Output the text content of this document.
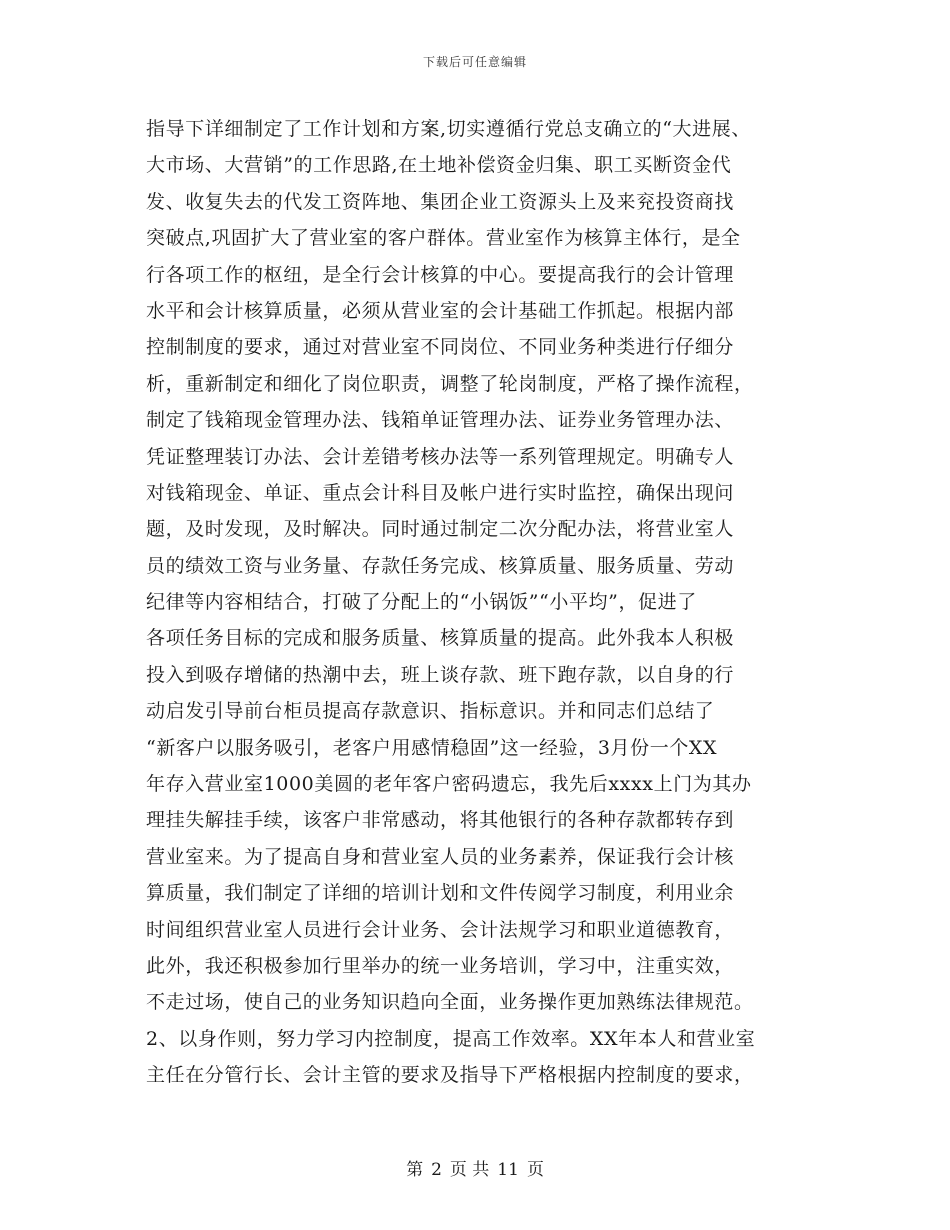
下载后可任意编辑
指导下详细制定了工作计划和方案,切实遵循行党总支确立的“大进展、
大市场、大营销”的工作思路,在土地补偿资金归集、职工买断资金代
发、收复失去的代发工资阵地、集团企业工资源头上及来兖投资商找
突破点,巩固扩大了营业室的客户群体。营业室作为核算主体行，是全
行各项工作的枢纽，是全行会计核算的中心。要提高我行的会计管理
水平和会计核算质量，必须从营业室的会计基础工作抓起。根据内部
控制制度的要求，通过对营业室不同岗位、不同业务种类进行仔细分
析，重新制定和细化了岗位职责，调整了轮岗制度，严格了操作流程，
制定了钱箱现金管理办法、钱箱单证管理办法、证券业务管理办法、
凭证整理装订办法、会计差错考核办法等一系列管理规定。明确专人
对钱箱现金、单证、重点会计科目及帐户进行实时监控，确保出现问
题，及时发现，及时解决。同时通过制定二次分配办法，将营业室人
员的绩效工资与业务量、存款任务完成、核算质量、服务质量、劳动
纪律等内容相结合，打破了分配上的“小锅饭”“小平均”，促进了
各项任务目标的完成和服务质量、核算质量的提高。此外我本人积极
投入到吸存增储的热潮中去，班上谈存款、班下跑存款，以自身的行
动启发引导前台柜员提高存款意识、指标意识。并和同志们总结了
“新客户以服务吸引，老客户用感情稳固”这一经验，3月份一个XX
年存入营业室1000美圆的老年客户密码遗忘，我先后xxxx上门为其办
理挂失解挂手续，该客户非常感动，将其他银行的各种存款都转存到
营业室来。为了提高自身和营业室人员的业务素养，保证我行会计核
算质量，我们制定了详细的培训计划和文件传阅学习制度，利用业余
时间组织营业室人员进行会计业务、会计法规学习和职业道德教育，
此外，我还积极参加行里举办的统一业务培训，学习中，注重实效，
不走过场，使自己的业务知识趋向全面，业务操作更加熟练法律规范。
2、以身作则，努力学习内控制度，提高工作效率。XX年本人和营业室
主任在分管行长、会计主管的要求及指导下严格根据内控制度的要求，
第 2 页 共 11 页
